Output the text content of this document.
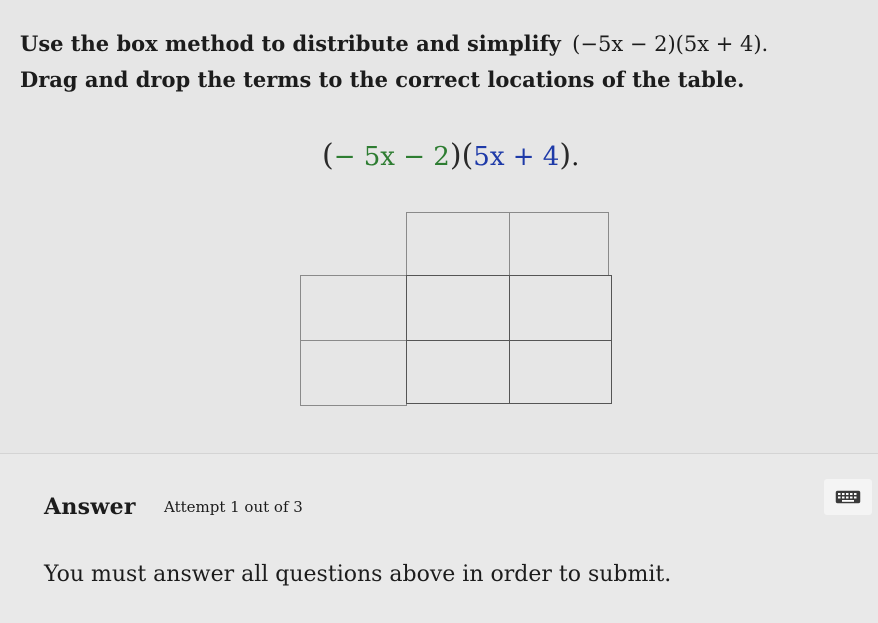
Use the box method to distribute and simplify (−5x − 2)(5x + 4).
Drag and drop the terms to the correct locations of the table.
(− 5x − 2)(5x + 4).
Answer Attempt 1 out of 3
You must answer all questions above in order to submit.
